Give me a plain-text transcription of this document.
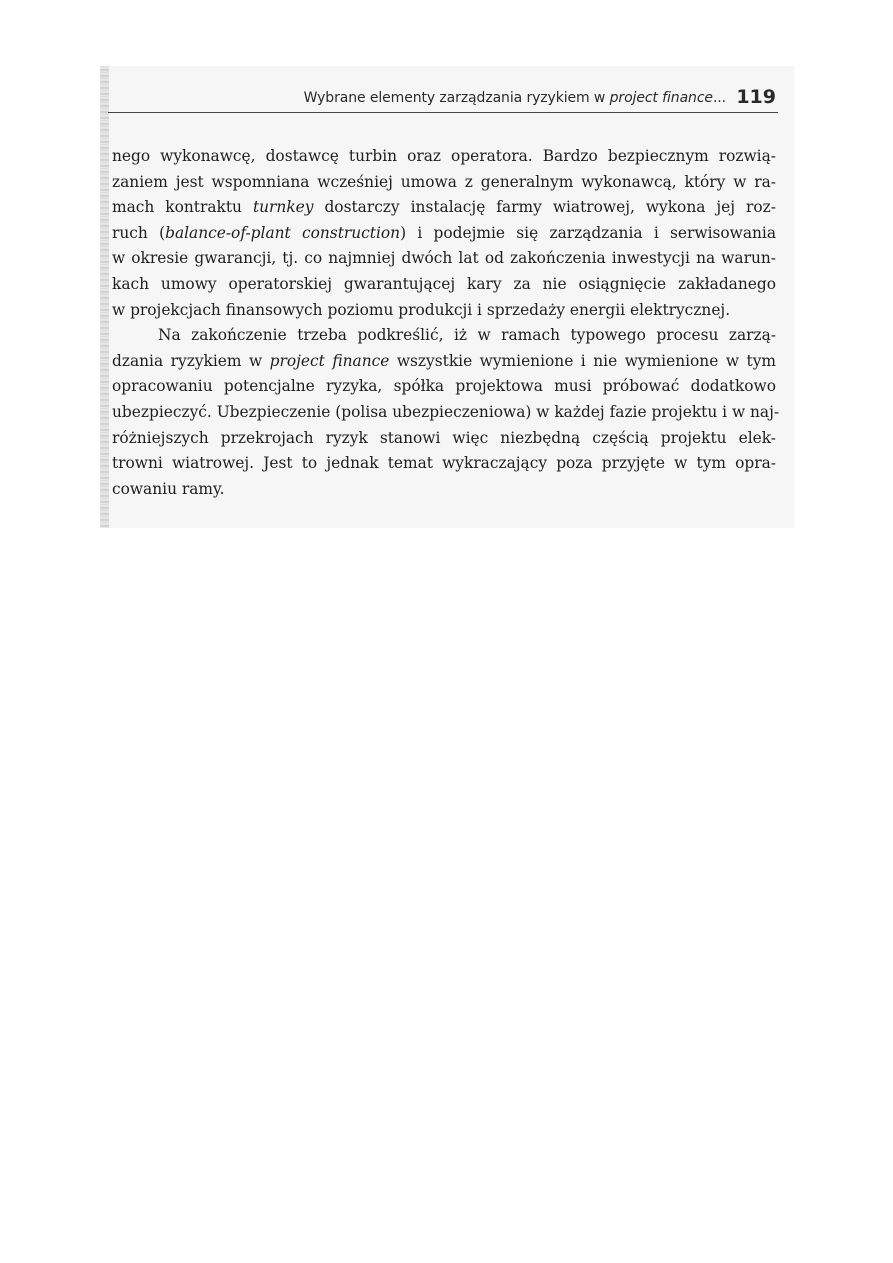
Wybrane elementy zarządzania ryzykiem w project finance... 119
nego wykonawcę, dostawcę turbin oraz operatora. Bardzo bezpiecznym rozwią-
zaniem jest wspomniana wcześniej umowa z generalnym wykonawcą, który w ra-
mach kontraktu turnkey dostarczy instalację farmy wiatrowej, wykona jej roz-
ruch (balance-of-plant construction) i podejmie się zarządzania i serwisowania
w okresie gwarancji, tj. co najmniej dwóch lat od zakończenia inwestycji na warun-
kach umowy operatorskiej gwarantującej kary za nie osiągnięcie zakładanego
w projekcjach finansowych poziomu produkcji i sprzedaży energii elektrycznej.
Na zakończenie trzeba podkreślić, iż w ramach typowego procesu zarzą-
dzania ryzykiem w project finance wszystkie wymienione i nie wymienione w tym
opracowaniu potencjalne ryzyka, spółka projektowa musi próbować dodatkowo
ubezpieczyć. Ubezpieczenie (polisa ubezpieczeniowa) w każdej fazie projektu i w naj-
różniejszych przekrojach ryzyk stanowi więc niezbędną częścią projektu elek-
trowni wiatrowej. Jest to jednak temat wykraczający poza przyjęte w tym opra-
cowaniu ramy.
